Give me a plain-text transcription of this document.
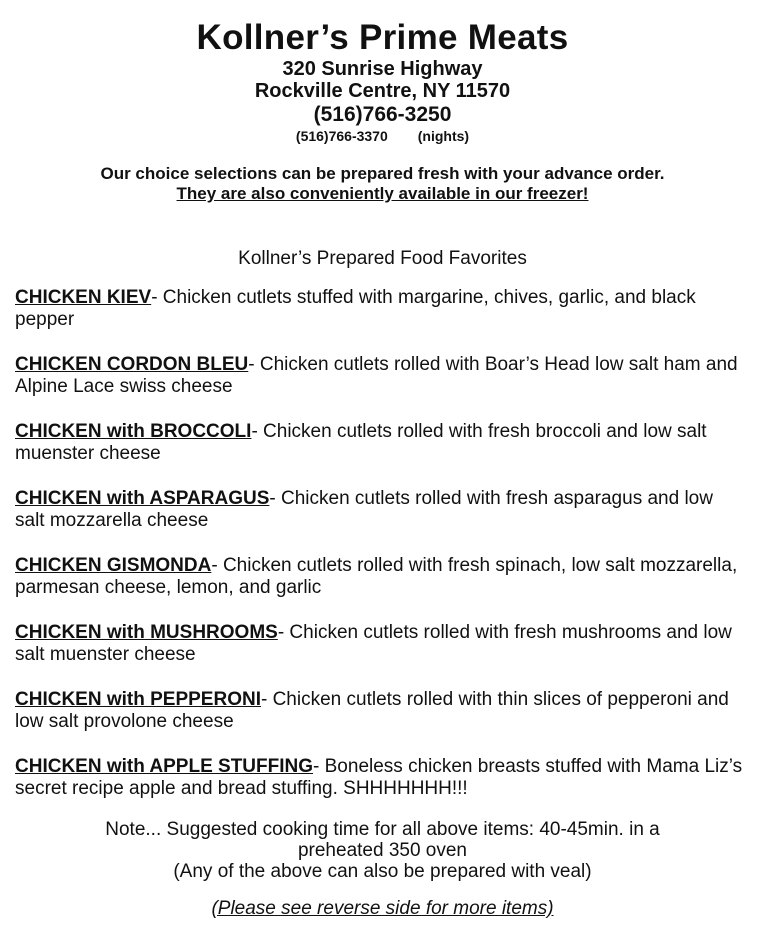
Kollner’s Prime Meats
320 Sunrise Highway
Rockville Centre, NY 11570
(516)766-3250
(516)766-3370 (nights)
Our choice selections can be prepared fresh with your advance order.
They are also conveniently available in our freezer!
Kollner’s Prepared Food Favorites
CHICKEN KIEV- Chicken cutlets stuffed with margarine, chives, garlic, and black pepper
CHICKEN CORDON BLEU- Chicken cutlets rolled with Boar’s Head low salt ham and Alpine Lace swiss cheese
CHICKEN with BROCCOLI- Chicken cutlets rolled with fresh broccoli and low salt muenster cheese
CHICKEN with ASPARAGUS- Chicken cutlets rolled with fresh asparagus and low salt mozzarella cheese
CHICKEN GISMONDA- Chicken cutlets rolled with fresh spinach, low salt mozzarella, parmesan cheese, lemon, and garlic
CHICKEN with MUSHROOMS- Chicken cutlets rolled with fresh mushrooms and low salt muenster cheese
CHICKEN with PEPPERONI- Chicken cutlets rolled with thin slices of pepperoni and low salt provolone cheese
CHICKEN with APPLE STUFFING- Boneless chicken breasts stuffed with Mama Liz’s secret recipe apple and bread stuffing. SHHHHHHH!!!
Note... Suggested cooking time for all above items: 40-45min. in a
preheated 350 oven
(Any of the above can also be prepared with veal)
(Please see reverse side for more items)
